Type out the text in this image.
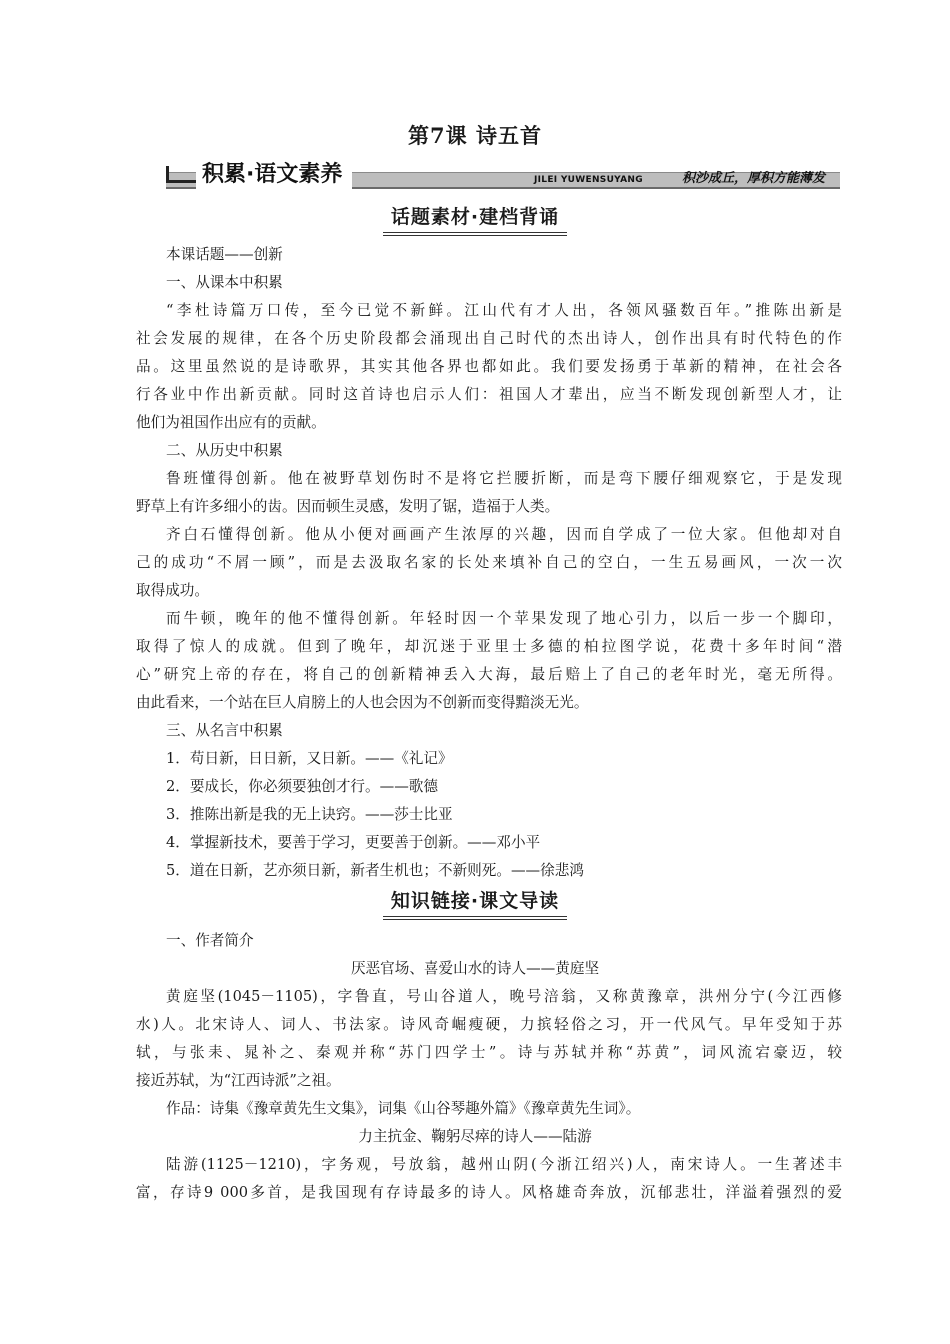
第7课 诗五首
积累·语文素养	JILEI YUWENSUYANG	积沙成丘，厚积方能薄发
话题素材·建档背诵
本课话题——创新
一、从课本中积累
“李杜诗篇万口传，至今已觉不新鲜。江山代有才人出，各领风骚数百年。”推陈出新是
社会发展的规律，在各个历史阶段都会涌现出自己时代的杰出诗人，创作出具有时代特色的作
品。这里虽然说的是诗歌界，其实其他各界也都如此。我们要发扬勇于革新的精神，在社会各
行各业中作出新贡献。同时这首诗也启示人们：祖国人才辈出，应当不断发现创新型人才，让
他们为祖国作出应有的贡献。
二、从历史中积累
鲁班懂得创新。他在被野草划伤时不是将它拦腰折断，而是弯下腰仔细观察它，于是发现
野草上有许多细小的齿。因而顿生灵感，发明了锯，造福于人类。
齐白石懂得创新。他从小便对画画产生浓厚的兴趣，因而自学成了一位大家。但他却对自
己的成功“不屑一顾”，而是去汲取名家的长处来填补自己的空白，一生五易画风，一次一次
取得成功。
而牛顿，晚年的他不懂得创新。年轻时因一个苹果发现了地心引力，以后一步一个脚印，
取得了惊人的成就。但到了晚年，却沉迷于亚里士多德的柏拉图学说，花费十多年时间“潜
心”研究上帝的存在，将自己的创新精神丢入大海，最后赔上了自己的老年时光，毫无所得。
由此看来，一个站在巨人肩膀上的人也会因为不创新而变得黯淡无光。
三、从名言中积累
1．苟日新，日日新，又日新。——《礼记》
2．要成长，你必须要独创才行。——歌德
3．推陈出新是我的无上诀窍。——莎士比亚
4．掌握新技术，要善于学习，更要善于创新。——邓小平
5．道在日新，艺亦须日新，新者生机也；不新则死。——徐悲鸿
知识链接·课文导读
一、作者简介
厌恶官场、喜爱山水的诗人——黄庭坚
黄庭坚(1045－1105)，字鲁直，号山谷道人，晚号涪翁，又称黄豫章，洪州分宁(今江西修
水)人。北宋诗人、词人、书法家。诗风奇崛瘦硬，力摈轻俗之习，开一代风气。早年受知于苏
轼，与张耒、晁补之、秦观并称“苏门四学士”。诗与苏轼并称“苏黄”，词风流宕豪迈，较
接近苏轼，为“江西诗派”之祖。
作品：诗集《豫章黄先生文集》，词集《山谷琴趣外篇》《豫章黄先生词》。
力主抗金、鞠躬尽瘁的诗人——陆游
陆游(1125－1210)，字务观，号放翁，越州山阴(今浙江绍兴)人，南宋诗人。一生著述丰
富，存诗9 000多首，是我国现有存诗最多的诗人。风格雄奇奔放，沉郁悲壮，洋溢着强烈的爱
